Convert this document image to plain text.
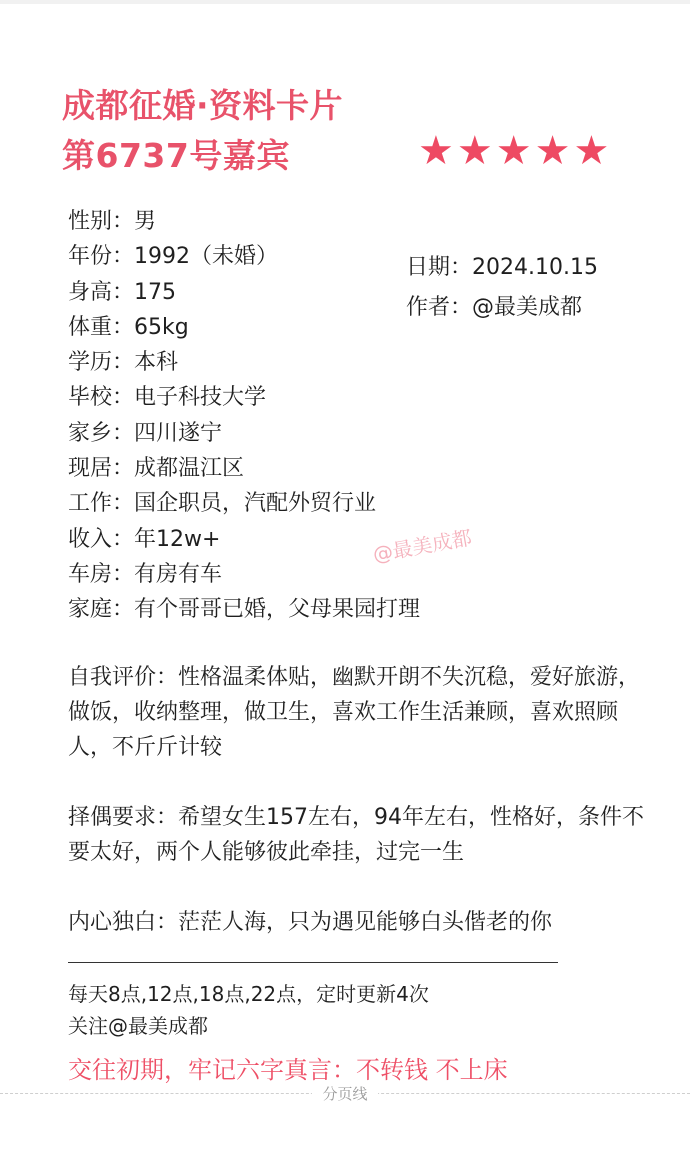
成都征婚·资料卡片
第6737号嘉宾	★★★★★
性别：男
年份：1992（未婚）
身高：175
体重：65kg
学历：本科
毕校：电子科技大学
家乡：四川遂宁
现居：成都温江区
工作：国企职员，汽配外贸行业
收入：年12w+
车房：有房有车
家庭：有个哥哥已婚，父母果园打理
日期：2024.10.15
作者：@最美成都
@最美成都
自我评价：性格温柔体贴，幽默开朗不失沉稳，爱好旅游，做饭，收纳整理，做卫生，喜欢工作生活兼顾，喜欢照顾人，不斤斤计较
择偶要求：希望女生157左右，94年左右，性格好，条件不要太好，两个人能够彼此牵挂，过完一生
内心独白：茫茫人海，只为遇见能够白头偕老的你
每天8点,12点,18点,22点，定时更新4次
关注@最美成都
交往初期，牢记六字真言：不转钱 不上床
分页线
